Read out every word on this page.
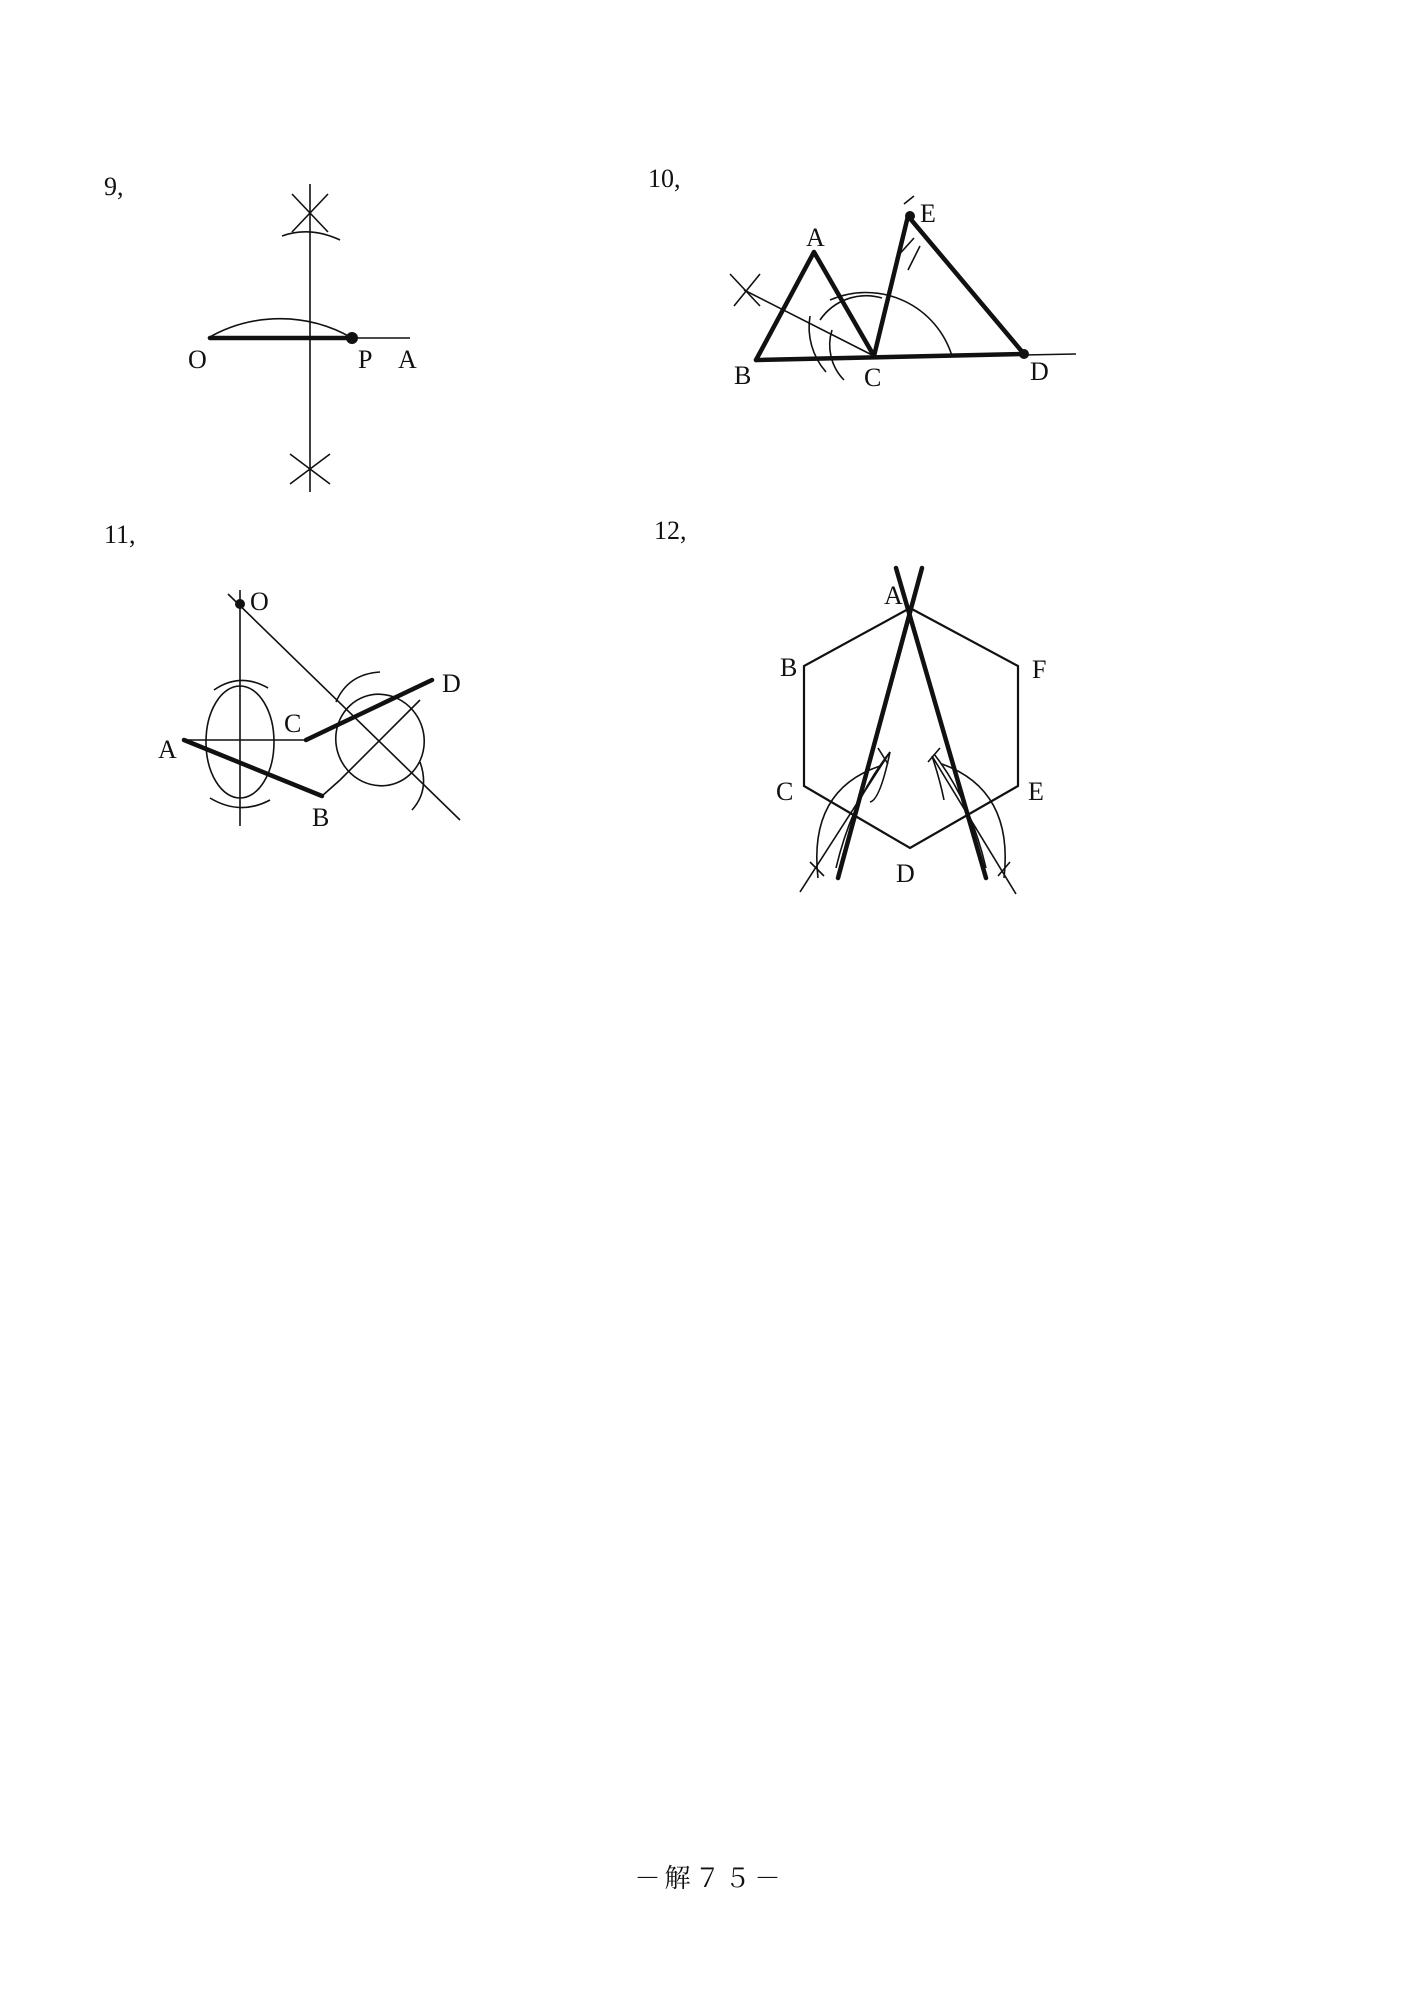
9,	10,
11,	12,
O	P A
A
B	C	D
E
O
A
B
C
D
A
B
C
D
E
F
－解７５－
